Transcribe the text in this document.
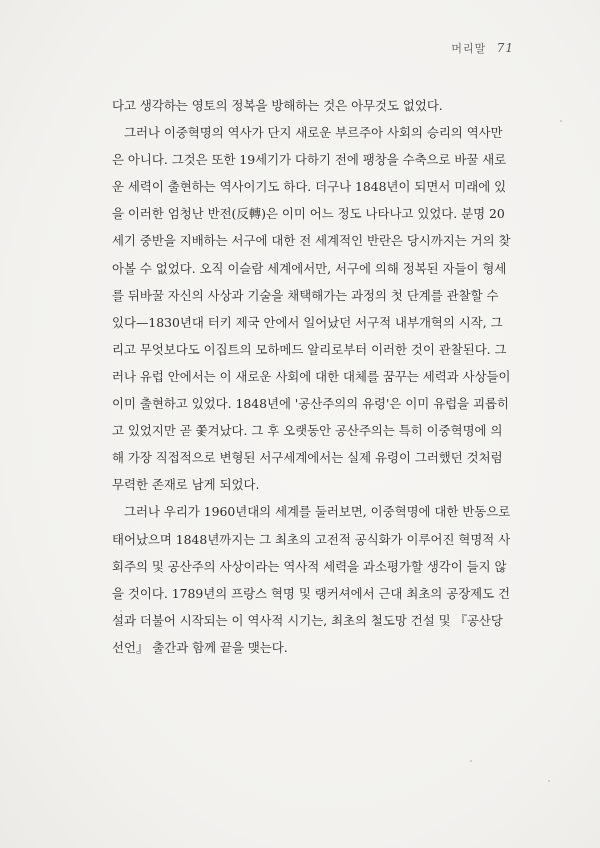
머리말 71
다고 생각하는 영토의 정복을 방해하는 것은 아무것도 없었다.
그러나 이중혁명의 역사가 단지 새로운 부르주아 사회의 승리의 역사만
은 아니다. 그것은 또한 19세기가 다하기 전에 팽창을 수축으로 바꿀 새로
운 세력이 출현하는 역사이기도 하다. 더구나 1848년이 되면서 미래에 있
을 이러한 엄청난 반전(反轉)은 이미 어느 정도 나타나고 있었다. 분명 20
세기 중반을 지배하는 서구에 대한 전 세계적인 반란은 당시까지는 거의 찾
아볼 수 없었다. 오직 이슬람 세계에서만, 서구에 의해 정복된 자들이 형세
를 뒤바꿀 자신의 사상과 기술을 채택해가는 과정의 첫 단계를 관찰할 수
있다—1830년대 터키 제국 안에서 일어났던 서구적 내부개혁의 시작, 그
리고 무엇보다도 이집트의 모하메드 알리로부터 이러한 것이 관찰된다. 그
러나 유럽 안에서는 이 새로운 사회에 대한 대체를 꿈꾸는 세력과 사상들이
이미 출현하고 있었다. 1848년에 '공산주의의 유령'은 이미 유럽을 괴롭히
고 있었지만 곧 쫓겨났다. 그 후 오랫동안 공산주의는 특히 이중혁명에 의
해 가장 직접적으로 변형된 서구세계에서는 실제 유령이 그러했던 것처럼
무력한 존재로 남게 되었다.
그러나 우리가 1960년대의 세계를 둘러보면, 이중혁명에 대한 반동으로
태어났으며 1848년까지는 그 최초의 고전적 공식화가 이루어진 혁명적 사
회주의 및 공산주의 사상이라는 역사적 세력을 과소평가할 생각이 들지 않
을 것이다. 1789년의 프랑스 혁명 및 랭커셔에서 근대 최초의 공장제도 건
설과 더불어 시작되는 이 역사적 시기는, 최초의 철도망 건설 및 『공산당
선언』 출간과 함께 끝을 맺는다.
